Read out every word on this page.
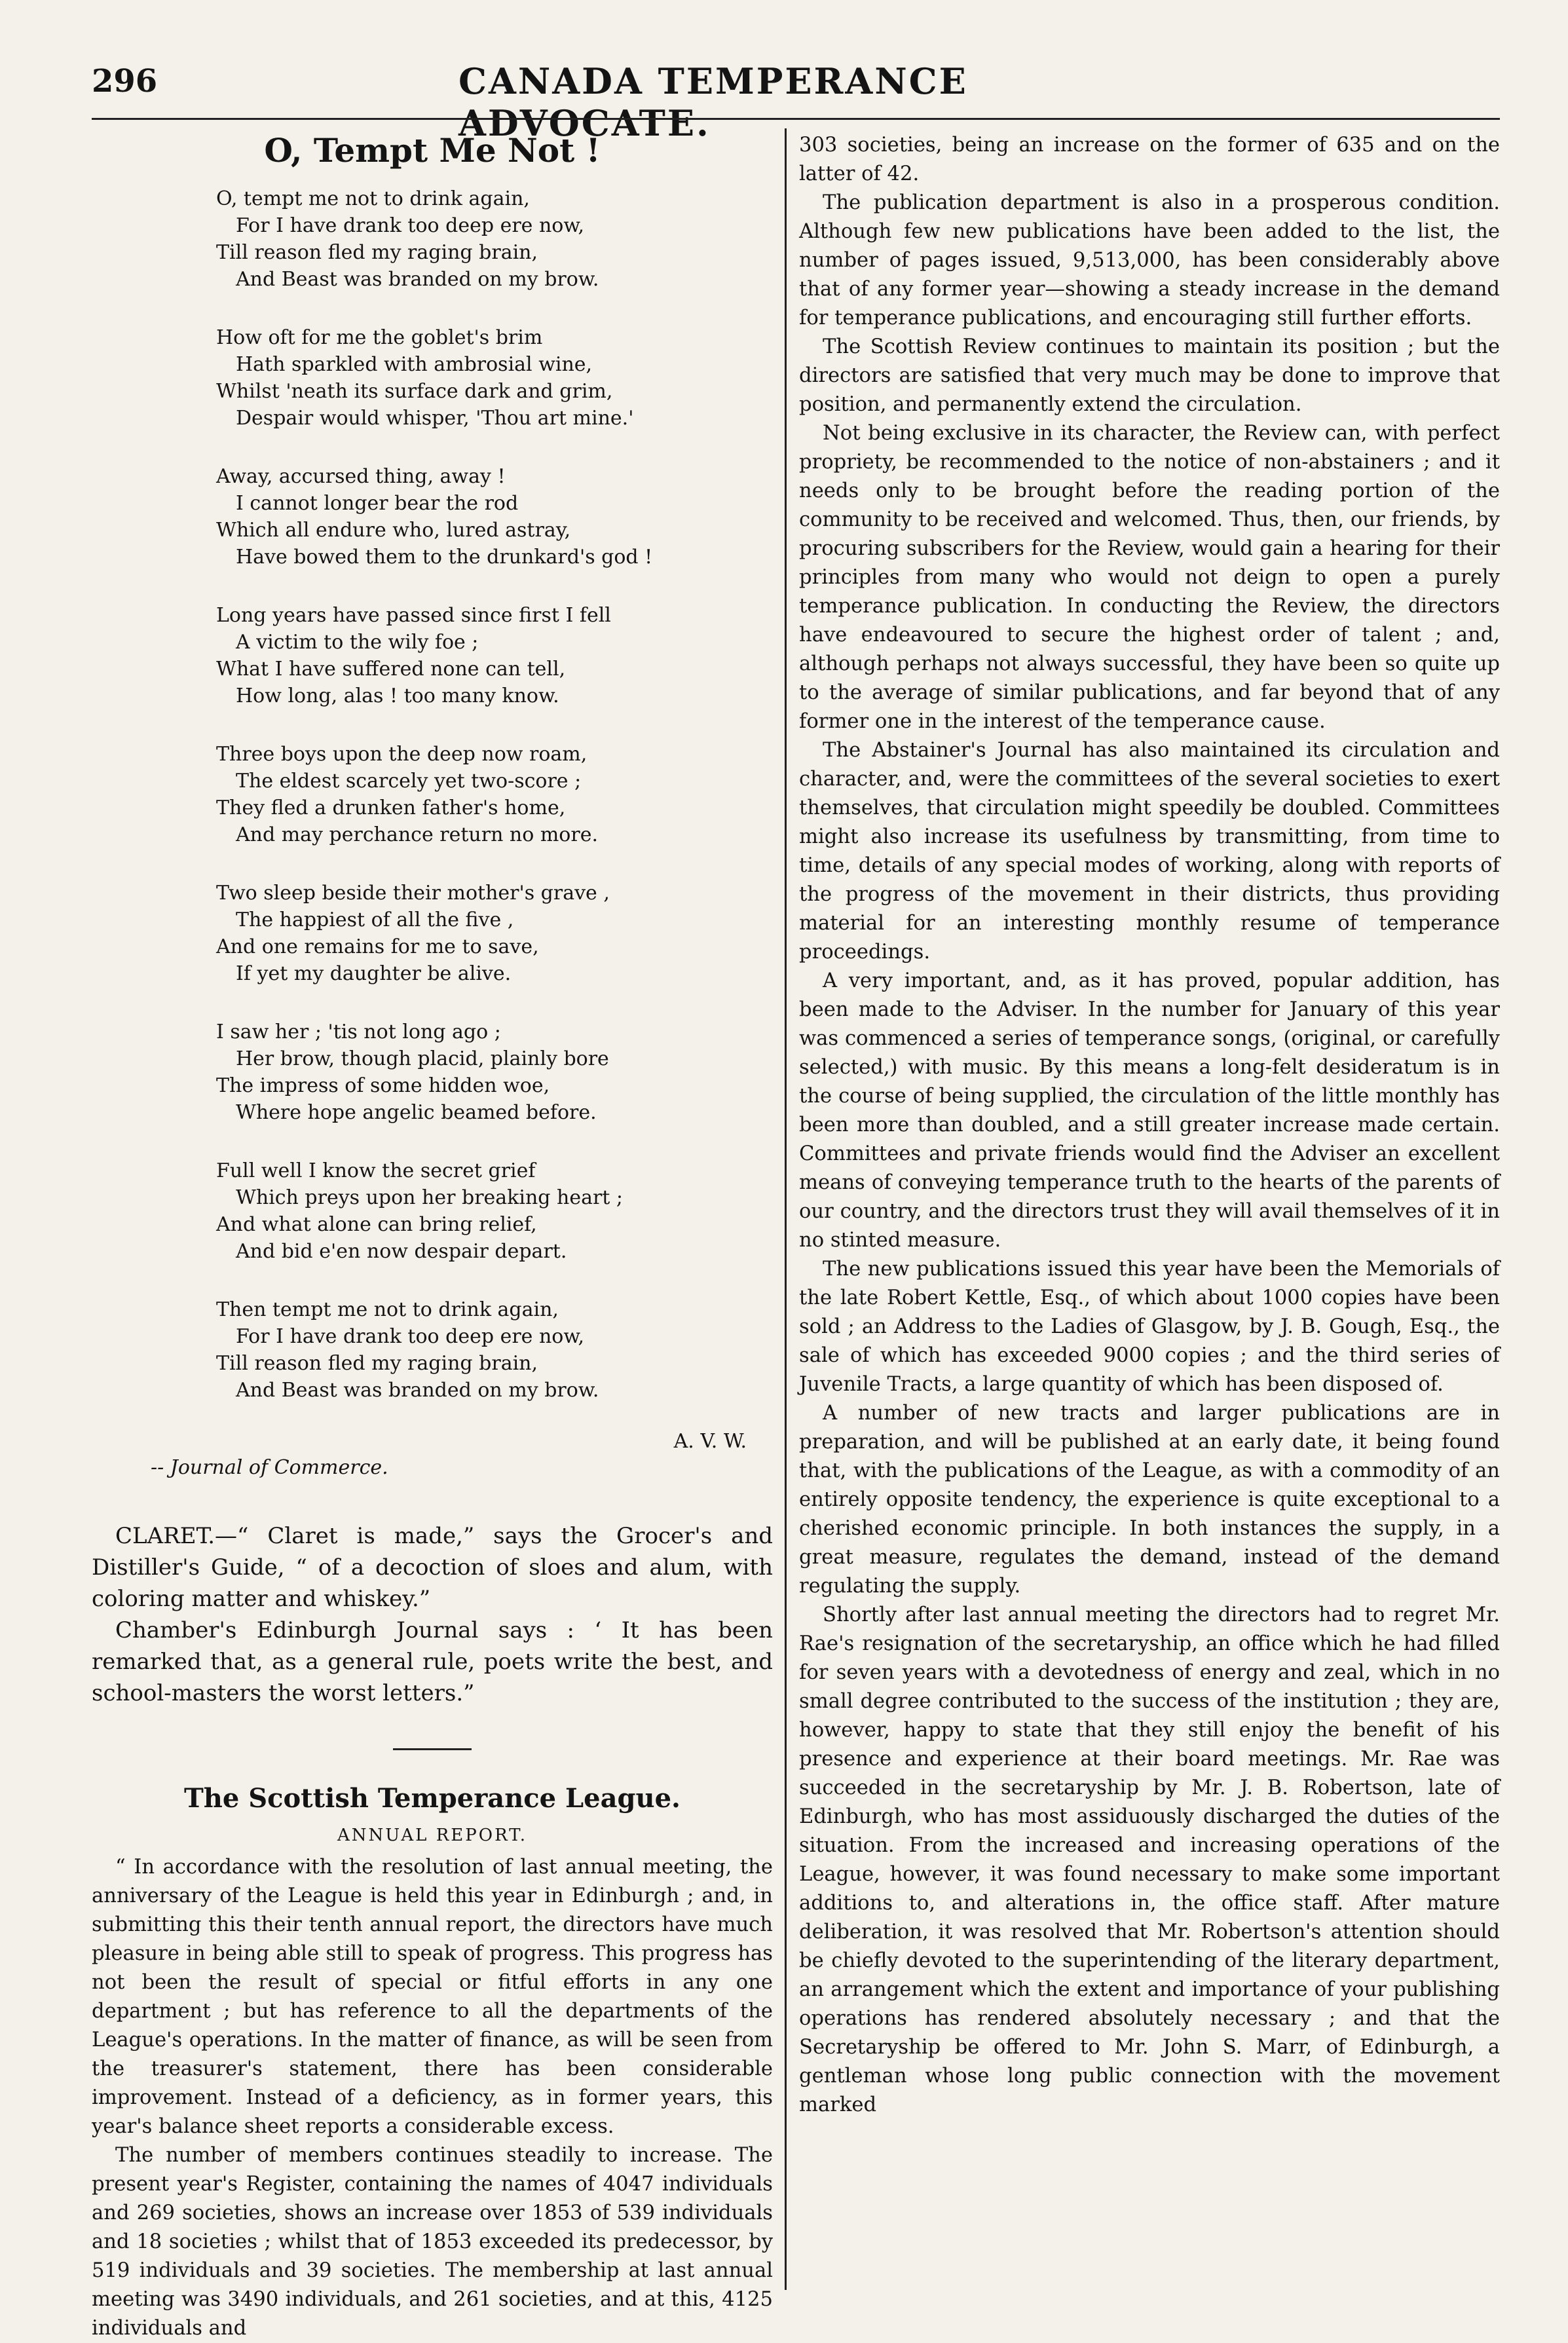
296	CANADA TEMPERANCE ADVOCATE.
O, Tempt Me Not !
O, tempt me not to drink again,
For I have drank too deep ere now,
Till reason fled my raging brain,
And Beast was branded on my brow.
How oft for me the goblet's brim
Hath sparkled with ambrosial wine,
Whilst 'neath its surface dark and grim,
Despair would whisper, 'Thou art mine.'
Away, accursed thing, away !
I cannot longer bear the rod
Which all endure who, lured astray,
Have bowed them to the drunkard's god !
Long years have passed since first I fell
A victim to the wily foe ;
What I have suffered none can tell,
How long, alas ! too many know.
Three boys upon the deep now roam,
The eldest scarcely yet two-score ;
They fled a drunken father's home,
And may perchance return no more.
Two sleep beside their mother's grave ,
The happiest of all the five ,
And one remains for me to save,
If yet my daughter be alive.
I saw her ; 'tis not long ago ;
Her brow, though placid, plainly bore
The impress of some hidden woe,
Where hope angelic beamed before.
Full well I know the secret grief
Which preys upon her breaking heart ;
And what alone can bring relief,
And bid e'en now despair depart.
Then tempt me not to drink again,
For I have drank too deep ere now,
Till reason fled my raging brain,
And Beast was branded on my brow.
A. V. W.
-- Journal of Commerce.

CLARET.—“ Claret is made,” says the Grocer's and Distiller's Guide, “ of a decoction of sloes and alum, with coloring matter and whiskey.”

Chamber's Edinburgh Journal says : ‘ It has been remarked that, as a general rule, poets write the best, and school-masters the worst letters.”

The Scottish Temperance League.
ANNUAL REPORT.

“ In accordance with the resolution of last annual meeting, the anniversary of the League is held this year in Edinburgh ; and, in submitting this their tenth annual report, the directors have much pleasure in being able still to speak of progress. This progress has not been the result of special or fitful efforts in any one department ; but has reference to all the departments of the League's operations. In the matter of finance, as will be seen from the treasurer's statement, there has been considerable improvement. Instead of a deficiency, as in former years, this year's balance sheet reports a considerable excess.

The number of members continues steadily to increase. The present year's Register, containing the names of 4047 individuals and 269 societies, shows an increase over 1853 of 539 individuals and 18 societies ; whilst that of 1853 exceeded its predecessor, by 519 individuals and 39 societies. The membership at last annual meeting was 3490 individuals, and 261 societies, and at this, 4125 individuals and

303 societies, being an increase on the former of 635 and on the latter of 42.

The publication department is also in a prosperous condition. Although few new publications have been added to the list, the number of pages issued, 9,513,000, has been considerably above that of any former year—showing a steady increase in the demand for temperance publications, and encouraging still further efforts.

The Scottish Review continues to maintain its position ; but the directors are satisfied that very much may be done to improve that position, and permanently extend the circulation.

Not being exclusive in its character, the Review can, with perfect propriety, be recommended to the notice of non-abstainers ; and it needs only to be brought before the reading portion of the community to be received and welcomed. Thus, then, our friends, by procuring subscribers for the Review, would gain a hearing for their principles from many who would not deign to open a purely temperance publication. In conducting the Review, the directors have endeavoured to secure the highest order of talent ; and, although perhaps not always successful, they have been so quite up to the average of similar publications, and far beyond that of any former one in the interest of the temperance cause.

The Abstainer's Journal has also maintained its circulation and character, and, were the committees of the several societies to exert themselves, that circulation might speedily be doubled. Committees might also increase its usefulness by transmitting, from time to time, details of any special modes of working, along with reports of the progress of the movement in their districts, thus providing material for an interesting monthly resume of temperance proceedings.

A very important, and, as it has proved, popular addition, has been made to the Adviser. In the number for January of this year was commenced a series of temperance songs, (original, or carefully selected,) with music. By this means a long-felt desideratum is in the course of being supplied, the circulation of the little monthly has been more than doubled, and a still greater increase made certain. Committees and private friends would find the Adviser an excellent means of conveying temperance truth to the hearts of the parents of our country, and the directors trust they will avail themselves of it in no stinted measure.

The new publications issued this year have been the Memorials of the late Robert Kettle, Esq., of which about 1000 copies have been sold ; an Address to the Ladies of Glasgow, by J. B. Gough, Esq., the sale of which has exceeded 9000 copies ; and the third series of Juvenile Tracts, a large quantity of which has been disposed of.

A number of new tracts and larger publications are in preparation, and will be published at an early date, it being found that, with the publications of the League, as with a commodity of an entirely opposite tendency, the experience is quite exceptional to a cherished economic principle. In both instances the supply, in a great measure, regulates the demand, instead of the demand regulating the supply.

Shortly after last annual meeting the directors had to regret Mr. Rae's resignation of the secretaryship, an office which he had filled for seven years with a devotedness of energy and zeal, which in no small degree contributed to the success of the institution ; they are, however, happy to state that they still enjoy the benefit of his presence and experience at their board meetings. Mr. Rae was succeeded in the secretaryship by Mr. J. B. Robertson, late of Edinburgh, who has most assiduously discharged the duties of the situation. From the increased and increasing operations of the League, however, it was found necessary to make some important additions to, and alterations in, the office staff. After mature deliberation, it was resolved that Mr. Robertson's attention should be chiefly devoted to the superintending of the literary department, an arrangement which the extent and importance of your publishing operations has rendered absolutely necessary ; and that the Secretaryship be offered to Mr. John S. Marr, of Edinburgh, a gentleman whose long public connection with the movement marked
